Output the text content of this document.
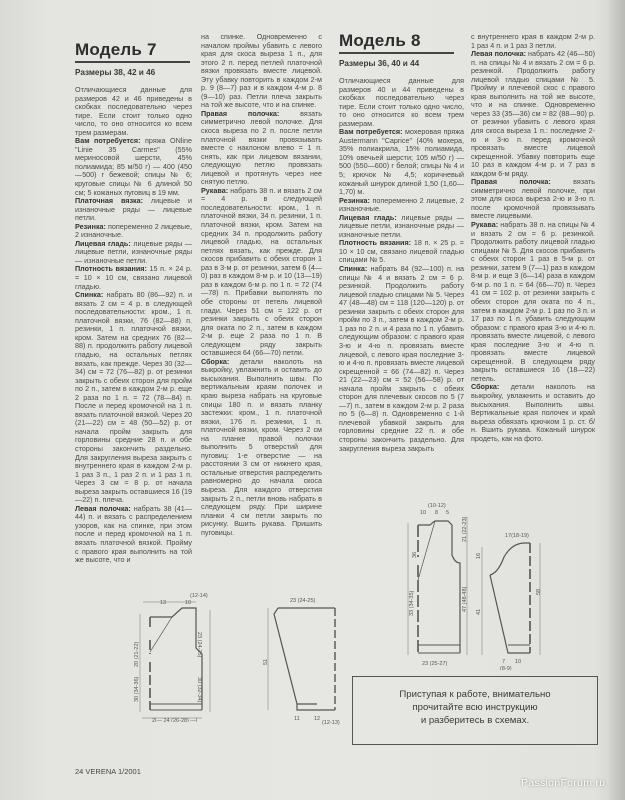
Модель 7
Размеры 38, 42 и 46

Отличающиеся данные для размеров 42 и 46 приведены в скобках последовательно через тире. Если стоит только одно число, то оно относится ко всем трем размерам.

Вам потребуется: пряжа ONline "Linie 35 Carmes" (55% мериносовой шерсти, 45% полиамида; 85 м/50 г) — 400 (450—500) г бежевой; спицы № 6; круговые спицы № 6 длиной 50 см; 5 кожаных пуговиц в 19 мм.

Платочная вязка: лицевые и изнаночные ряды — лицевые петли.

Резинка: попеременно 2 лицевые, 2 изнаночные.

Лицевая гладь: лицевые ряды — лицевые петли, изнаночные ряды — изнаночные петли.

Плотность вязания: 15 п. × 24 р. = 10 × 10 см, связано лицевой гладью.

Спинка: набрать 80 (86—92) п. и вязать 2 см = 4 р. в следующей последовательности: кром., 1 п. платочной вязки, 76 (82—88) п. резинки, 1 п. платочной вязки, кром. Затем на средних 76 (82—88) п. продолжить работу лицевой гладью, на остальных петлях вязать, как прежде. Через 30 (32—34) см = 72 (76—82) р. от резинки закрыть с обеих сторон для пройм по 2 п., затем в каждом 2-м р. еще 2 раза по 1 п. = 72 (78—84) п. После и перед кромочной на 1 п. вязать платочной вязкой. Через 20 (21—22) см = 48 (50—52) р. от начала пройм закрыть для горловины средние 28 п. и обе стороны закончить раздельно. Для закругления выреза закрыть с внутреннего края в каждом 2-м р. 1 раз 3 п., 1 раз 2 п. и 1 раз 1 п. Через 3 см = 8 р. от начала выреза закрыть оставшиеся 16 (19—22) п. плеча.

Левая полочка: набрать 38 (41—44) п. и вязать с распределением узоров, как на спинке, при этом после и перед кромочной на 1 п. вязать платочной вязкой. Пройму с правого края выполнить на той же высоте, что и

на спинке. Одновременно с началом проймы убавить с левого края для скоса выреза 1 п., для этого 2 п. перед петлей платочной вязки провязать вместе лицевой. Эту убавку повторить в каждом 2-м р. 9 (8—7) раз и в каждом 4-м р. 8 (9—10) раз. Петли плеча закрыть на той же высоте, что и на спинке.

Правая полочка: вязать симметрично левой полочке. Для скоса выреза по 2 п. после петли платочной вязки провязывать вместе с наклоном влево = 1 п. снять, как при лицевом вязании, следующую петлю провязать лицевой и протянуть через нее снятую петлю.

Рукава: набрать 38 п. и вязать 2 см = 4 р. в следующей последовательности: кром., 1 п. платочной вязки, 34 п. резинки, 1 п. платочной вязки, кром. Затем на средних 34 п. продолжить работу лицевой гладью, на остальных петлях вязать, как прежде. Для скосов прибавить с обеих сторон 1 раз в 3-м р. от резинки, затем 6 (4—0) раз в каждом 8-м р. и 10 (13—19) раз в каждом 6-м р. по 1 п. = 72 (74—78) п. Прибавки выполнять по обе стороны от петель лицевой глади. Через 51 см = 122 р. от резинки закрыть с обеих сторон для оката по 2 п., затем в каждом 2-м р. еще 2 раза по 1 п. В следующем ряду закрыть оставшиеся 64 (66—70) петли.

Сборка: детали наколоть на выкройку, увлажнить и оставить до высыхания. Выполнить швы. По вертикальным краям полочек и краю выреза набрать на круговые спицы 180 п. и вязать планку застежки: кром., 1 п. платочной вязки, 176 п. резинки, 1 п. платочной вязки, кром. Через 2 см на планке правой полочки выполнить 5 отверстий для пуговиц: 1-е отверстие — на расстоянии 3 см от нижнего края, остальные отверстия распределить равномерно до начала скоса выреза. Для каждого отверстия закрыть 2 п., петли вновь набрать в следующем ряду. При ширине планки 4 см петли закрыть по рисунку. Вшить рукава. Пришить пуговицы.

(12-14)
13	10
20 (21-22)
30 (34-36)
23 (24-25)
30 (32-34)
2|— 24 (26-28) —|
23 (24-25)
51
11	12
(12-13)
Модель 8
Размеры 36, 40 и 44

Отличающиеся данные для размеров 40 и 44 приведены в скобках последовательно через тире. Если стоит только одно число, то оно относится ко всем трем размерам.

Вам потребуется: мохеровая пряжа Austermann "Caprice" (40% мохера, 35% полиакрила, 15% полиамида, 10% овечьей шерсти; 105 м/50 г) — 500 (550—600) г белой; спицы № 4 и 5; крючок № 4,5; коричневый кожаный шнурок длиной 1,50 (1,60—1,70) м.

Резинка: попеременно 2 лицевые, 2 изнаночные.

Лицевая гладь: лицевые ряды — лицевые петли, изнаночные ряды — изнаночные петли.

Плотность вязания: 18 п. × 25 р. = 10 × 10 см, связано лицевой гладью спицами № 5.

Спинка: набрать 84 (92—100) п. на спицы № 4 и вязать 2 см = 6 р. резинкой. Продолжить работу лицевой гладью спицами № 5. Через 47 (48—48) см = 118 (120—120) р. от резинки закрыть с обеих сторон для пройм по 3 п., затем в каждом 2-м р. 1 раз по 2 п. и 4 раза по 1 п. убавить следующим образом: с правого края 3-ю и 4-ю п. провязать вместе лицевой, с левого края последние 3-ю и 4-ю п. провязать вместе лицевой скрещенной = 66 (74—82) п. Через 21 (22—23) см = 52 (56—58) р. от начала пройм закрыть с обеих сторон для плечевых скосов по 5 (7—7) п., затем в каждом 2-м р. 2 раза по 5 (6—8) п. Одновременно с 1-й плечевой убавкой закрыть для горловины средние 22 п. и обе стороны закончить раздельно. Для закругления выреза закрыть

с внутреннего края в каждом 2-м р. 1 раз 4 п. и 1 раз 3 петли.

Левая полочка: набрать 42 (46—50) п. на спицы № 4 и вязать 2 см = 6 р. резинкой. Продолжить работу лицевой гладью спицами № 5. Пройму и плечевой скос с правого края выполнить на той же высоте, что и на спинке. Одновременно через 33 (35—36) см = 82 (88—90) р. от резинки убавить с левого края для скоса выреза 1 п.: последние 2-ю и 3-ю п. перед кромочной провязать вместе лицевой скрещенной. Убавку повторить еще 10 раз в каждом 4-м р. и 7 раз в каждом 6-м ряду.

Правая полочка: вязать симметрично левой полочке, при этом для скоса выреза 2-ю и 3-ю п. после кромочной провязывать вместе лицевыми.

Рукава: набрать 38 п. на спицы № 4 и вязать 2 см = 6 р. резинкой. Продолжить работу лицевой гладью спицами № 5. Для скосов прибавить с обеих сторон 1 раз в 5-м р. от резинки, затем 9 (7—1) раз в каждом 8-м р. и еще 3 (6—14) раза в каждом 6-м р. по 1 п. = 64 (66—70) п. Через 41 см = 102 р. от резинки закрыть с обеих сторон для оката по 4 п., затем в каждом 2-м р. 1 раз по 3 п. и 17 раз по 1 п. убавить следующим образом: с правого края 3-ю и 4-ю п. провязать вместе лицевой, с левого края последние 3-ю и 4-ю п. провязать вместе лицевой скрещенной. В следующем ряду закрыть оставшиеся 16 (18—22) петель.

Сборка: детали наколоть на выкройку, увлажнить и оставить до высыхания. Выполнить швы. Вертикальные края полочек и край выреза обвязать крючком 1 р. ст. б/н. Вшить рукава. Кожаный шнурок продеть, как на фото.

(10-12)
10 8 5
36
33 (34-35)
21 (22-23)
47 (48-48)
23 (25-27)
17(18-19)
16
41
58
7 10
(8-9)
Приступая к работе, внимательно
прочитайте всю инструкцию
и разберитесь в схемах.
24 VERENA 1/2001
PassionForum.ru
